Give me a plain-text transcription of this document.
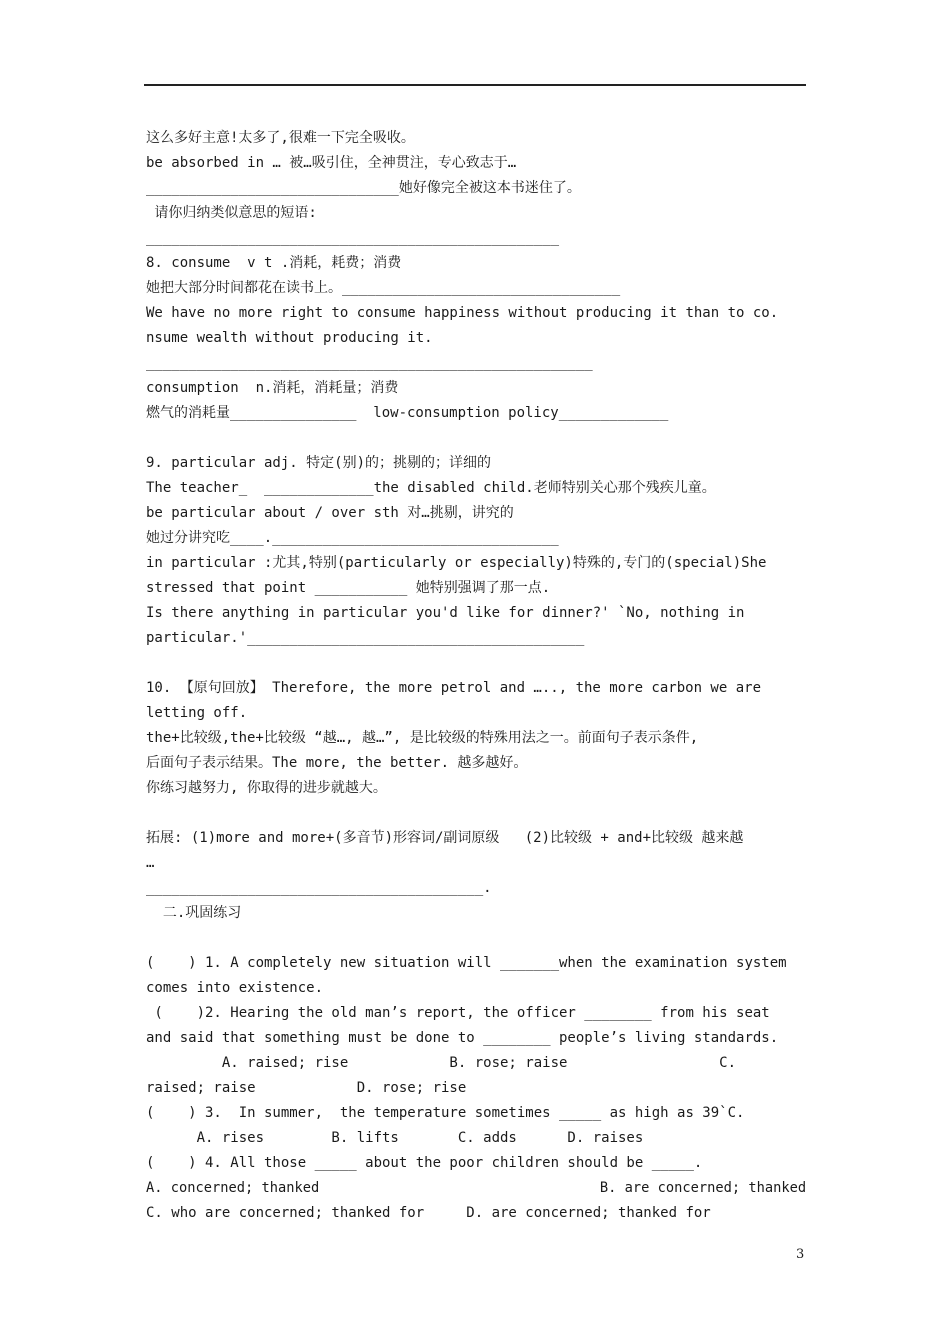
这么多好主意!太多了,很难一下完全吸收。
be absorbed in … 被…吸引住，全神贯注，专心致志于…
______________________________她好像完全被这本书迷住了。
请你归纳类似意思的短语:
_________________________________________________
8. consume  v t .消耗，耗费；消费
她把大部分时间都花在读书上。_________________________________
We have no more right to consume happiness without producing it than to co.
nsume wealth without producing it.
_____________________________________________________
consumption  n.消耗，消耗量；消费
燃气的消耗量_______________  low-consumption policy_____________
9. particular adj. 特定(别)的；挑剔的；详细的
The teacher_  _____________the disabled child.老师特别关心那个残疾儿童。
be particular about / over sth 对…挑剔，讲究的
她过分讲究吃____.__________________________________
in particular :尤其,特别(particularly or especially)特殊的,专门的(special)She
stressed that point ___________ 她特别强调了那一点.
Is there anything in particular you'd like for dinner?' `No, nothing in
particular.'________________________________________
10. 【原句回放】 Therefore, the more petrol and ….., the more carbon we are
letting off.
the+比较级,the+比较级 “越…, 越…”, 是比较级的特殊用法之一。前面句子表示条件,
后面句子表示结果。The more, the better. 越多越好。
你练习越努力, 你取得的进步就越大。
拓展: (1)more and more+(多音节)形容词/副词原级   (2)比较级 + and+比较级 越来越
…
________________________________________.
二.巩固练习
(    ) 1. A completely new situation will _______when the examination system
comes into existence.
(    )2. Hearing the old man’s report, the officer ________ from his seat
and said that something must be done to ________ people’s living standards.
A. raised; rise            B. rose; raise                  C.
raised; raise            D. rose; rise
(    ) 3.  In summer,  the temperature sometimes _____ as high as 39`C.
A. rises        B. lifts       C. adds      D. raises
(    ) 4. All those _____ about the poor children should be _____.
A. concerned; thanked                                  B. are concerned; thanked
C. who are concerned; thanked for     D. are concerned; thanked for
3
